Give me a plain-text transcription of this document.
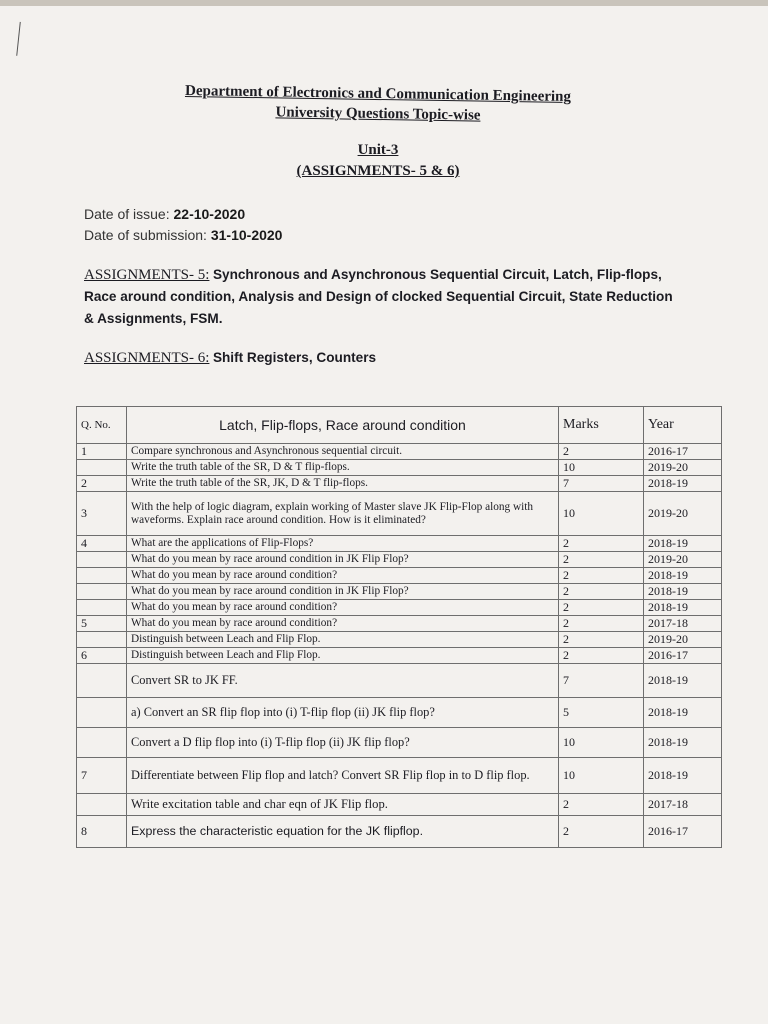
Department of Electronics and Communication Engineering
University Questions Topic-wise
Unit-3
(ASSIGNMENTS- 5 & 6)
Date of issue: 22-10-2020
Date of submission: 31-10-2020
ASSIGNMENTS- 5: Synchronous and Asynchronous Sequential Circuit, Latch, Flip-flops, Race around condition, Analysis and Design of clocked Sequential Circuit, State Reduction & Assignments, FSM.
ASSIGNMENTS- 6: Shift Registers, Counters
Q. No.	Latch, Flip-flops, Race around condition	Marks	Year
1	Compare synchronous and Asynchronous sequential circuit.	2	2016-17
	Write the truth table of the SR, D & T flip-flops.	10	2019-20
2	Write the truth table of the SR, JK, D & T flip-flops.	7	2018-19
3	With the help of logic diagram, explain working of Master slave JK Flip-Flop along with waveforms. Explain race around condition. How is it eliminated?	10	2019-20
4	What are the applications of Flip-Flops?	2	2018-19
	What do you mean by race around condition in JK Flip Flop?	2	2019-20
	What do you mean by race around condition?	2	2018-19
	What do you mean by race around condition in JK Flip Flop?	2	2018-19
	What do you mean by race around condition?	2	2018-19
5	What do you mean by race around condition?	2	2017-18
	Distinguish between Leach and Flip Flop.	2	2019-20
6	Distinguish between Leach and Flip Flop.	2	2016-17
	Convert SR to JK FF.	7	2018-19
	a) Convert an SR flip flop into (i) T-flip flop (ii) JK flip flop?	5	2018-19
	Convert a D flip flop into (i) T-flip flop (ii) JK flip flop?	10	2018-19
7	Differentiate between Flip flop and latch? Convert SR Flip flop in to D flip flop.	10	2018-19
	Write excitation table and char eqn of JK Flip flop.	2	2017-18
8	Express the characteristic equation for the JK flipflop.	2	2016-17
